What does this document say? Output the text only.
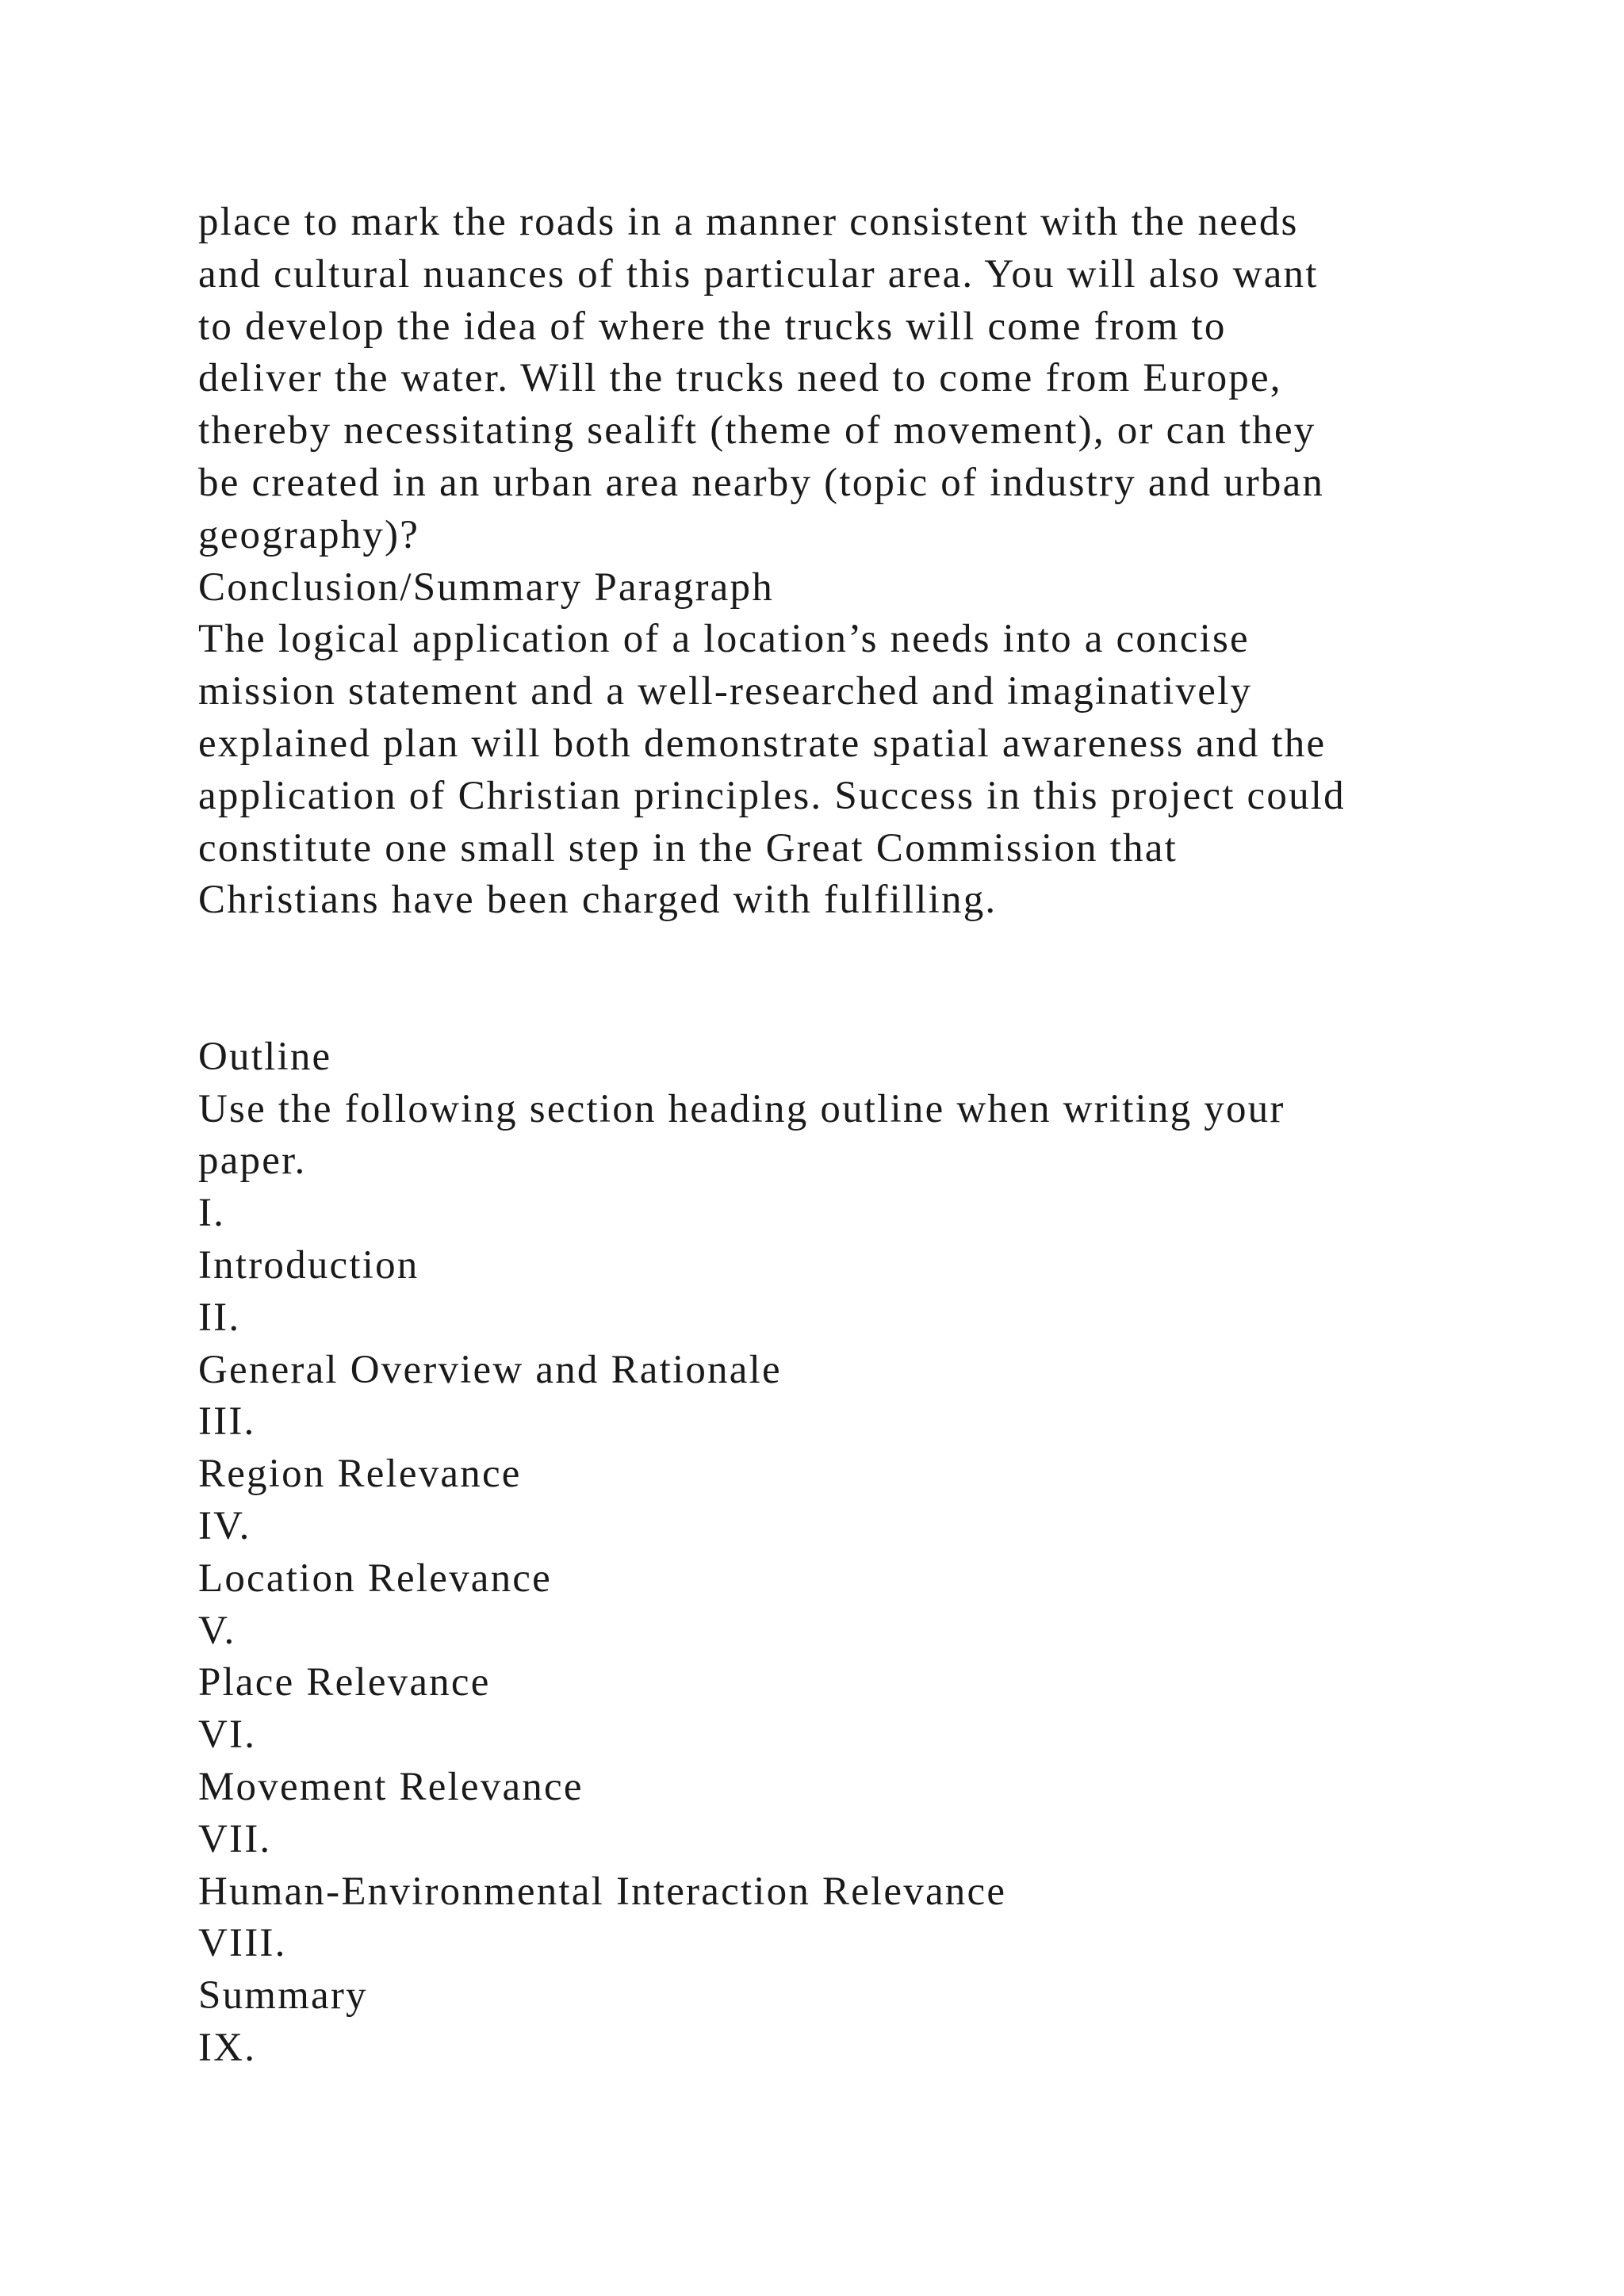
place to mark the roads in a manner consistent with the needs
and cultural nuances of this particular area. You will also want
to develop the idea of where the trucks will come from to
deliver the water. Will the trucks need to come from Europe,
thereby necessitating sealift (theme of movement), or can they
be created in an urban area nearby (topic of industry and urban
geography)?
Conclusion/Summary Paragraph
The logical application of a location’s needs into a concise
mission statement and a well-researched and imaginatively
explained plan will both demonstrate spatial awareness and the
application of Christian principles. Success in this project could
constitute one small step in the Great Commission that
Christians have been charged with fulfilling.
Outline
Use the following section heading outline when writing your
paper.
I.
Introduction
II.
General Overview and Rationale
III.
Region Relevance
IV.
Location Relevance
V.
Place Relevance
VI.
Movement Relevance
VII.
Human-Environmental Interaction Relevance
VIII.
Summary
IX.
